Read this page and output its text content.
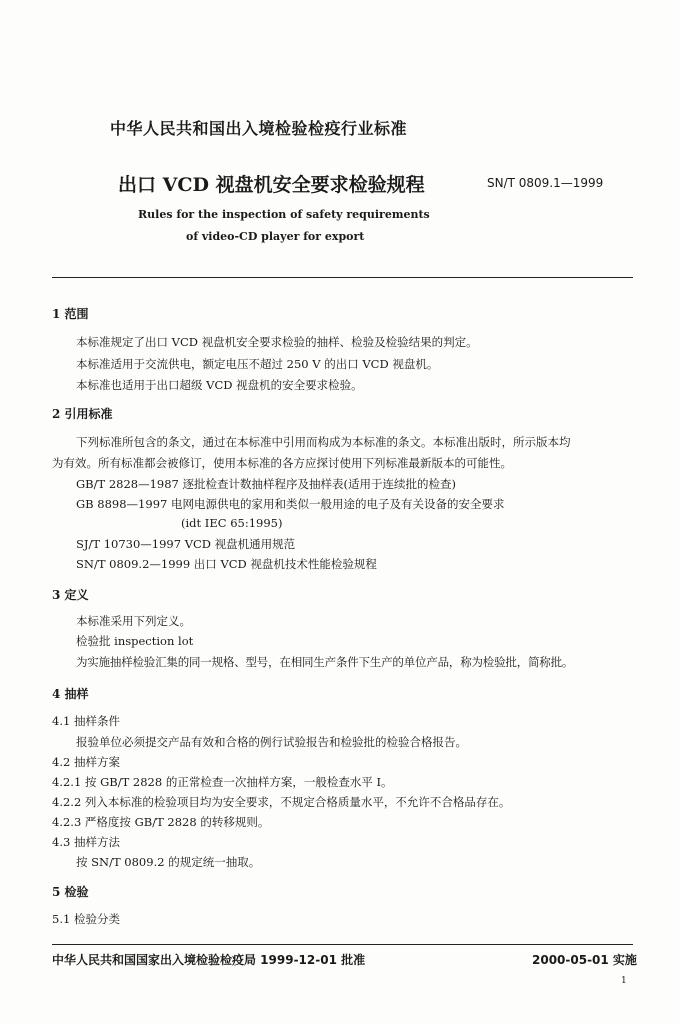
中华人民共和国出入境检验检疫行业标准
出口 VCD 视盘机安全要求检验规程	SN/T 0809.1—1999
Rules for the inspection of safety requirements
of video-CD player for export
1 范围
本标准规定了出口 VCD 视盘机安全要求检验的抽样、检验及检验结果的判定。
本标准适用于交流供电，额定电压不超过 250 V 的出口 VCD 视盘机。
本标准也适用于出口超级 VCD 视盘机的安全要求检验。
2 引用标准
下列标准所包含的条文，通过在本标准中引用而构成为本标准的条文。本标准出版时，所示版本均
为有效。所有标准都会被修订，使用本标准的各方应探讨使用下列标准最新版本的可能性。
GB/T 2828—1987 逐批检查计数抽样程序及抽样表(适用于连续批的检查)
GB 8898—1997 电网电源供电的家用和类似一般用途的电子及有关设备的安全要求
(idt IEC 65:1995)
SJ/T 10730—1997 VCD 视盘机通用规范
SN/T 0809.2—1999 出口 VCD 视盘机技术性能检验规程
3 定义
本标准采用下列定义。
检验批 inspection lot
为实施抽样检验汇集的同一规格、型号，在相同生产条件下生产的单位产品，称为检验批，简称批。
4 抽样
4.1 抽样条件
报验单位必须提交产品有效和合格的例行试验报告和检验批的检验合格报告。
4.2 抽样方案
4.2.1 按 GB/T 2828 的正常检查一次抽样方案，一般检查水平 Ⅰ。
4.2.2 列入本标准的检验项目均为安全要求，不规定合格质量水平，不允许不合格品存在。
4.2.3 严格度按 GB/T 2828 的转移规则。
4.3 抽样方法
按 SN/T 0809.2 的规定统一抽取。
5 检验
5.1 检验分类
中华人民共和国国家出入境检验检疫局 1999-12-01 批准	2000-05-01 实施
1
